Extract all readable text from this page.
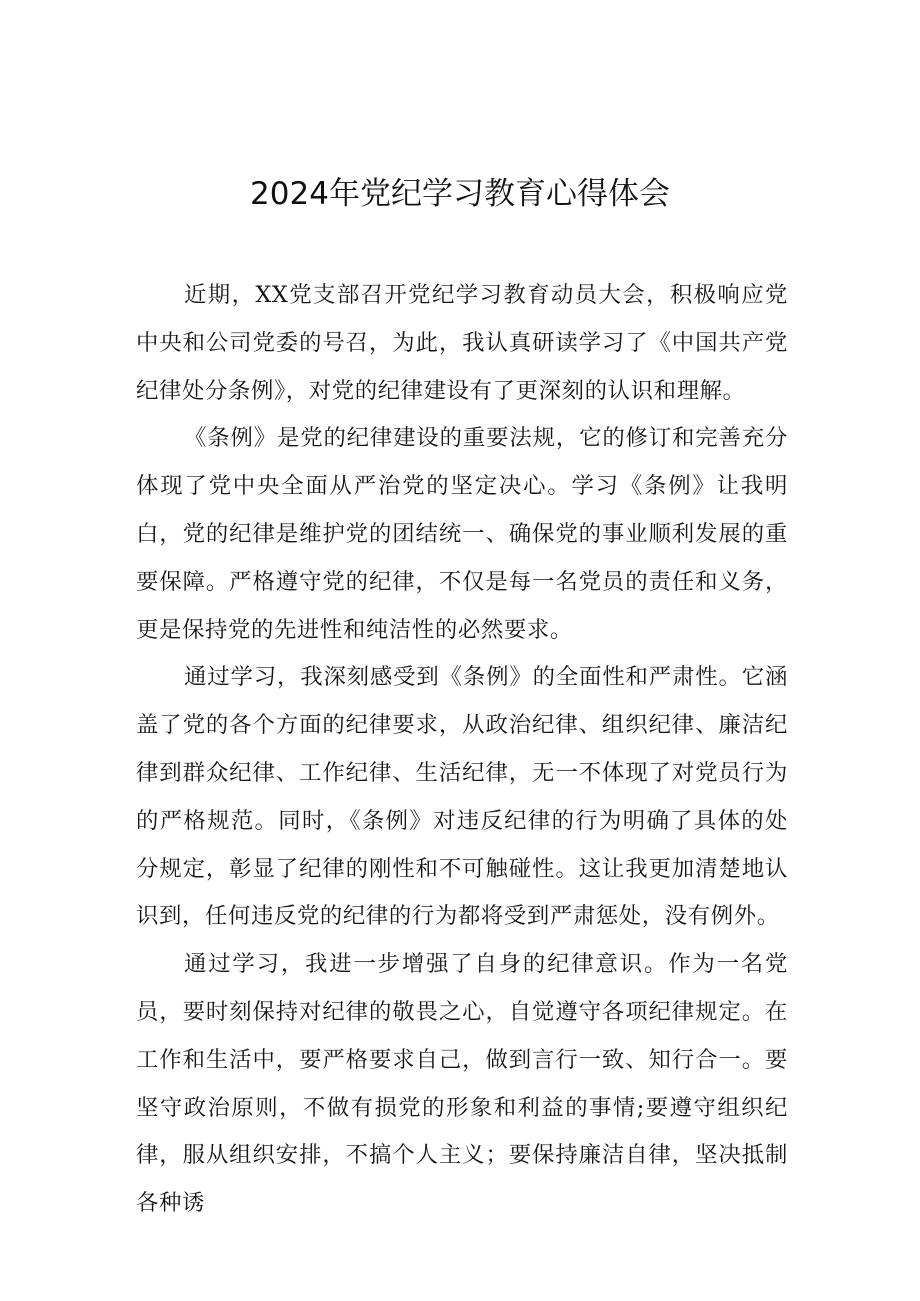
2024年党纪学习教育心得体会

近期，XX党支部召开党纪学习教育动员大会，积极响应党中央和公司党委的号召，为此，我认真研读学习了《中国共产党纪律处分条例》，对党的纪律建设有了更深刻的认识和理解。

《条例》是党的纪律建设的重要法规，它的修订和完善充分体现了党中央全面从严治党的坚定决心。学习《条例》让我明白，党的纪律是维护党的团结统一、确保党的事业顺利发展的重要保障。严格遵守党的纪律，不仅是每一名党员的责任和义务，更是保持党的先进性和纯洁性的必然要求。

通过学习，我深刻感受到《条例》的全面性和严肃性。它涵盖了党的各个方面的纪律要求，从政治纪律、组织纪律、廉洁纪律到群众纪律、工作纪律、生活纪律，无一不体现了对党员行为的严格规范。同时，《条例》对违反纪律的行为明确了具体的处分规定，彰显了纪律的刚性和不可触碰性。这让我更加清楚地认识到，任何违反党的纪律的行为都将受到严肃惩处，没有例外。

通过学习，我进一步增强了自身的纪律意识。作为一名党员，要时刻保持对纪律的敬畏之心，自觉遵守各项纪律规定。在工作和生活中，要严格要求自己，做到言行一致、知行合一。要坚守政治原则，不做有损党的形象和利益的事情;要遵守组织纪律，服从组织安排，不搞个人主义；要保持廉洁自律，坚决抵制各种诱
